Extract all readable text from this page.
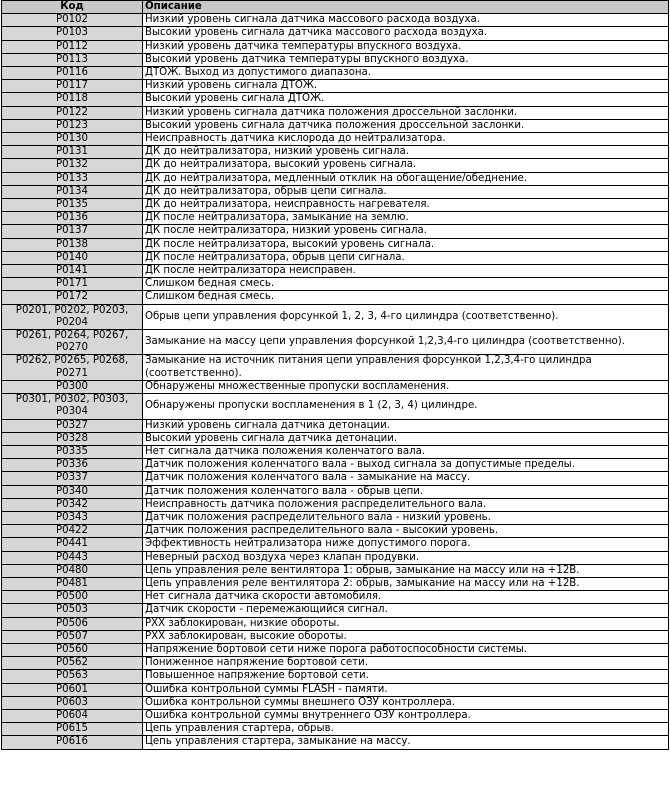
Код	Описание
P0102	Низкий уровень сигнала датчика массового расхода воздуха.
P0103	Высокий уровень сигнала датчика массового расхода воздуха.
P0112	Низкий уровень датчика температуры впускного воздуха.
P0113	Высокий уровень датчика температуры впускного воздуха.
P0116	ДТОЖ. Выход из допустимого диапазона.
P0117	Низкий уровень сигнала ДТОЖ.
P0118	Высокий уровень сигнала ДТОЖ.
P0122	Низкий уровень сигнала датчика положения дроссельной заслонки.
P0123	Высокий уровень сигнала датчика положения дроссельной заслонки.
P0130	Неисправность датчика кислорода до нейтрализатора.
P0131	ДК до нейтрализатора, низкий уровень сигнала.
P0132	ДК до нейтрализатора, высокий уровень сигнала.
P0133	ДК до нейтрализатора, медленный отклик на обогащение/обеднение.
P0134	ДК до нейтрализатора, обрыв цепи сигнала.
P0135	ДК до нейтрализатора, неисправность нагревателя.
P0136	ДК после нейтрализатора, замыкание на землю.
P0137	ДК после нейтрализатора, низкий уровень сигнала.
P0138	ДК после нейтрализатора, высокий уровень сигнала.
P0140	ДК после нейтрализатора, обрыв цепи сигнала.
P0141	ДК после нейтрализатора неисправен.
P0171	Слишком бедная смесь.
P0172	Слишком бедная смесь.
P0201, P0202, P0203, P0204	Обрыв цепи управления форсункой 1, 2, 3, 4-го цилиндра (соответственно).
P0261, P0264, P0267, P0270	Замыкание на массу цепи управления форсункой 1,2,3,4-го цилиндра (соответственно).
P0262, P0265, P0268, P0271	Замыкание на источник питания цепи управления форсункой 1,2,3,4-го цилиндра (соответственно).
P0300	Обнаружены множественные пропуски воспламенения.
P0301, P0302, P0303, P0304	Обнаружены пропуски воспламенения в 1 (2, 3, 4) цилиндре.
P0327	Низкий уровень сигнала датчика детонации.
P0328	Высокий уровень сигнала датчика детонации.
P0335	Нет сигнала датчика положения коленчатого вала.
P0336	Датчик положения коленчатого вала - выход сигнала за допустимые пределы.
P0337	Датчик положения коленчатого вала - замыкание на массу.
P0340	Датчик положения коленчатого вала - обрыв цепи.
P0342	Неисправность датчика положения распределительного вала.
P0343	Датчик положения распределительного вала - низкий уровень.
P0422	Датчик положения распределительного вала - высокий уровень.
P0441	Эффективность нейтрализатора ниже допустимого порога.
P0443	Неверный расход воздуха через клапан продувки.
P0480	Цепь управления реле вентилятора 1: обрыв, замыкание на массу или на +12В.
P0481	Цепь управления реле вентилятора 2: обрыв, замыкание на массу или на +12В.
P0500	Нет сигнала датчика скорости автомобиля.
P0503	Датчик скорости - перемежающийся сигнал.
P0506	РХХ заблокирован, низкие обороты.
P0507	РХХ заблокирован, высокие обороты.
P0560	Напряжение бортовой сети ниже порога работоспособности системы.
P0562	Пониженное напряжение бортовой сети.
P0563	Повышенное напряжение бортовой сети.
P0601	Ошибка контрольной суммы FLASH - памяти.
P0603	Ошибка контрольной суммы внешнего ОЗУ контроллера.
P0604	Ошибка контрольной суммы внутреннего ОЗУ контроллера.
P0615	Цепь управления стартера, обрыв.
P0616	Цепь управления стартера, замыкание на массу.
